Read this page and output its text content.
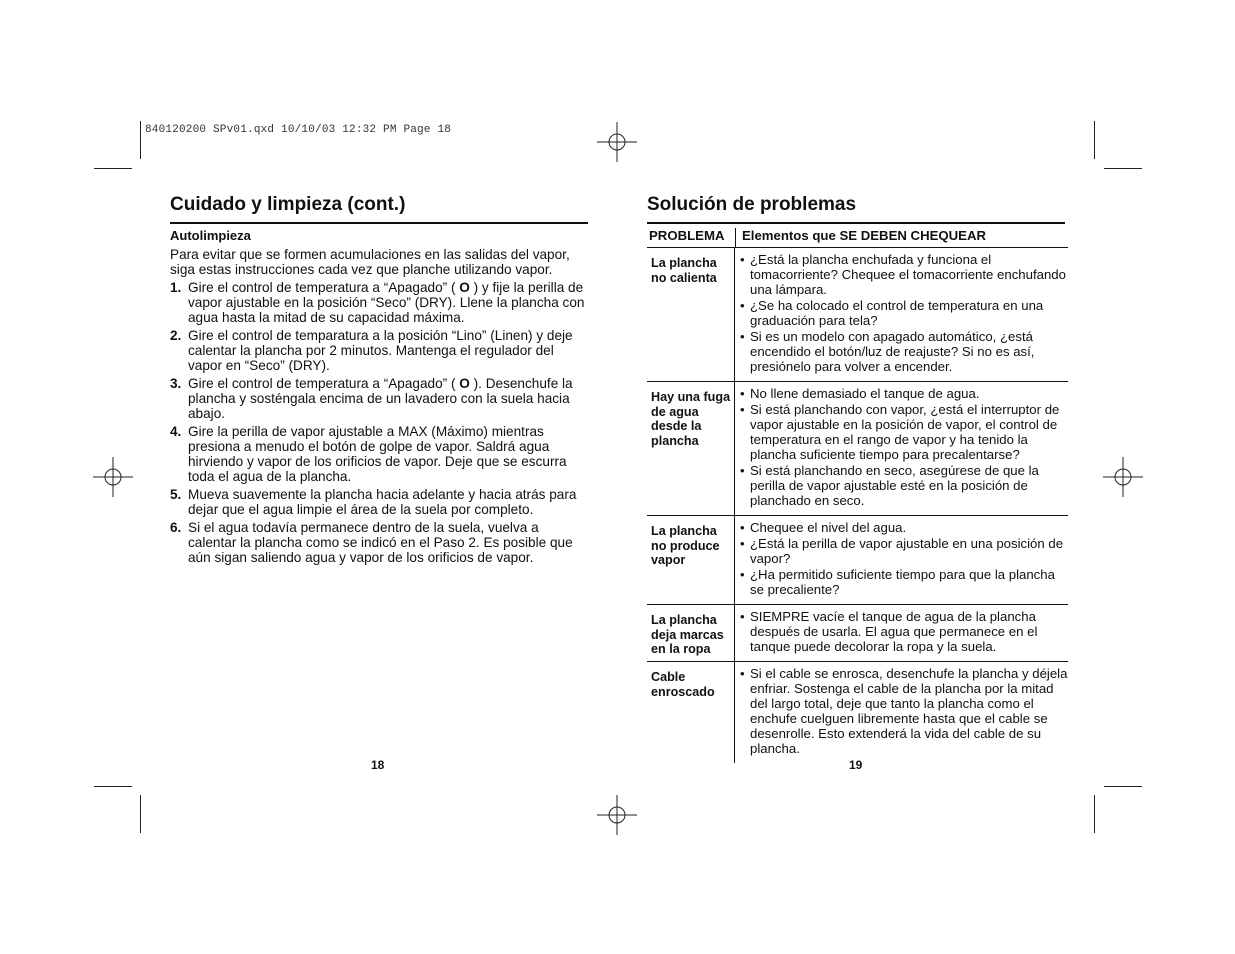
840120200 SPv01.qxd 10/10/03 12:32 PM Page 18
Cuidado y limpieza (cont.)

Autolimpieza

Para evitar que se formen acumulaciones en las salidas del vapor, siga estas instrucciones cada vez que planche utilizando vapor.

1. Gire el control de temperatura a “Apagado” ( O ) y fije la perilla de vapor ajustable en la posición “Seco” (DRY). Llene la plancha con agua hasta la mitad de su capacidad máxima.
2. Gire el control de temparatura a la posición “Lino” (Linen) y deje calentar la plancha por 2 minutos. Mantenga el regulador del vapor en “Seco” (DRY).
3. Gire el control de temperatura a “Apagado” ( O ). Desenchufe la plancha y sosténgala encima de un lavadero con la suela hacia abajo.
4. Gire la perilla de vapor ajustable a MAX (Máximo) mientras presiona a menudo el botón de golpe de vapor. Saldrá agua hirviendo y vapor de los orificios de vapor. Deje que se escurra toda el agua de la plancha.
5. Mueva suavemente la plancha hacia adelante y hacia atrás para dejar que el agua limpie el área de la suela por completo.
6. Si el agua todavía permanece dentro de la suela, vuelva a calentar la plancha como se indicó en el Paso 2. Es posible que aún sigan saliendo agua y vapor de los orificios de vapor.
18
Solución de problemas
PROBLEMA	Elementos que SE DEBEN CHEQUEAR
La plancha no calienta
• ¿Está la plancha enchufada y funciona el tomacorriente? Chequee el tomacorriente enchufando una lámpara.
• ¿Se ha colocado el control de temperatura en una graduación para tela?
• Si es un modelo con apagado automático, ¿está encendido el botón/luz de reajuste? Si no es así, presiónelo para volver a encender.
Hay una fuga de agua desde la plancha
• No llene demasiado el tanque de agua.
• Si está planchando con vapor, ¿está el interruptor de vapor ajustable en la posición de vapor, el control de temperatura en el rango de vapor y ha tenido la plancha suficiente tiempo para precalentarse?
• Si está planchando en seco, asegúrese de que la perilla de vapor ajustable esté en la posición de planchado en seco.
La plancha no produce vapor
• Chequee el nivel del agua.
• ¿Está la perilla de vapor ajustable en una posición de vapor?
• ¿Ha permitido suficiente tiempo para que la plancha se precaliente?
La plancha deja marcas en la ropa
• SIEMPRE vacíe el tanque de agua de la plancha después de usarla. El agua que permanece en el tanque puede decolorar la ropa y la suela.
Cable enroscado
• Si el cable se enrosca, desenchufe la plancha y déjela enfriar. Sostenga el cable de la plancha por la mitad del largo total, deje que tanto la plancha como el enchufe cuelguen libremente hasta que el cable se desenrolle. Esto extenderá la vida del cable de su plancha.
19
